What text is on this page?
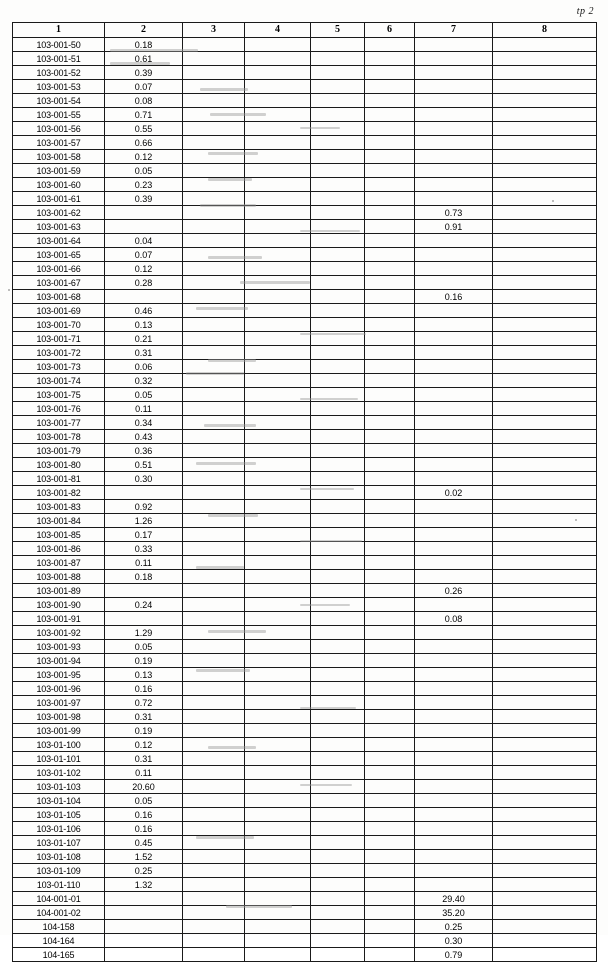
tp 2
1	2	3	4	5	6	7	8
103-001-50	0.18						
103-001-51	0.61						
103-001-52	0.39						
103-001-53	0.07						
103-001-54	0.08						
103-001-55	0.71						
103-001-56	0.55						
103-001-57	0.66						
103-001-58	0.12						
103-001-59	0.05						
103-001-60	0.23						
103-001-61	0.39						
103-001-62						0.73	
103-001-63						0.91	
103-001-64	0.04						
103-001-65	0.07						
103-001-66	0.12						
103-001-67	0.28						
103-001-68						0.16	
103-001-69	0.46						
103-001-70	0.13						
103-001-71	0.21						
103-001-72	0.31						
103-001-73	0.06						
103-001-74	0.32						
103-001-75	0.05						
103-001-76	0.11						
103-001-77	0.34						
103-001-78	0.43						
103-001-79	0.36						
103-001-80	0.51						
103-001-81	0.30						
103-001-82						0.02	
103-001-83	0.92						
103-001-84	1.26						
103-001-85	0.17						
103-001-86	0.33						
103-001-87	0.11						
103-001-88	0.18						
103-001-89						0.26	
103-001-90	0.24						
103-001-91						0.08	
103-001-92	1.29						
103-001-93	0.05						
103-001-94	0.19						
103-001-95	0.13						
103-001-96	0.16						
103-001-97	0.72						
103-001-98	0.31						
103-001-99	0.19						
103-01-100	0.12						
103-01-101	0.31						
103-01-102	0.11						
103-01-103	20.60						
103-01-104	0.05						
103-01-105	0.16						
103-01-106	0.16						
103-01-107	0.45						
103-01-108	1.52						
103-01-109	0.25						
103-01-110	1.32						
104-001-01						29.40	
104-001-02						35.20	
104-158						0.25	
104-164						0.30	
104-165						0.79	
